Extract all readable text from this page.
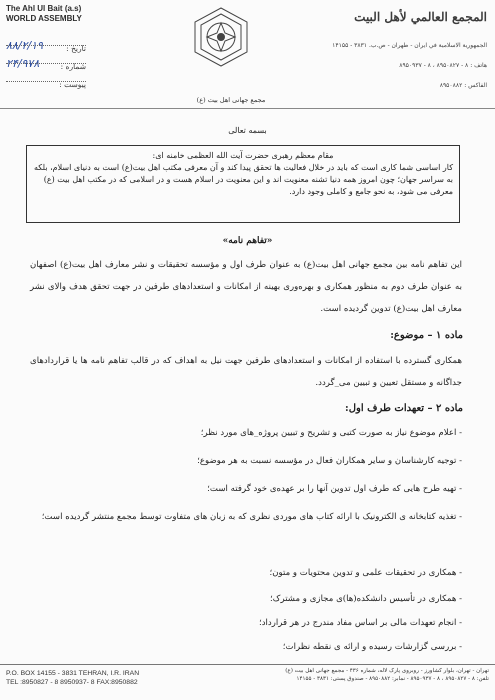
The Ahl Ul Bait (a.s)
WORLD ASSEMBLY
تاریخ :
۸۸/۲/۱۹
شماره :
۲۴/۹۷۸
پیوست :
مجمع جهانی اهل بیت (ع)
المجمع العالمي لأهل البيت
الجمهورية الاسلامية في ايران - طهران - ص.ب. ۳۸۳۱ - ۱۴۱۵۵
هاتف : ۸ - ۸۹۵۰۸۲۷ ، ۸ - ۸۹۵۰۹۳۷
الفاكس : ۸۹۵۰۸۸۲
بسمه تعالی
مقام معظم رهبری حضرت آیت الله العظمی خامنه ای:
کار اساسی شما کاری است که باید در خلال فعالیت ها تحقق پیدا کند و آن معرفی مکتب اهل بیت(ع) است به دنیای اسلام، بلکه به سراسر جهان؛ چون امروز همه دنیا تشنه معنویت اند و این معنویت در اسلام هست و در اسلامی که در مکتب اهل بیت (ع) معرفی می شود، به نحو جامع و کاملی وجود دارد.
«تفاهم نامه»
این تفاهم نامه بین مجمع جهانی اهل بیت(ع) به عنوان طرف اول و مؤسسه تحقیقات و نشر معارف اهل بیت(ع) اصفهان به عنوان طرف دوم به منظور همکاری و بهره‌وری بهینه از امکانات و استعدادهای طرفین در جهت تحقق هدف والای نشر معارف اهل بیت(ع) تدوین گردیده است.
ماده ۱ – موضوع:
همکاری گسترده با استفاده از امکانات و استعدادهای طرفین جهت نیل به اهداف که در قالب تفاهم نامه ها یا قراردادهای جداگانه و مستقل تعیین و تبیین می_گردد.
ماده ۲ – تعهدات طرف اول:
- اعلام موضوع نیاز به صورت کتبی و تشریح و تبیین پروژه_های مورد نظر؛
- توجیه کارشناسان و سایر همکاران فعال در مؤسسه نسبت به هر موضوع؛
- تهیه طرح هایی که طرف اول تدوین آنها را بر عهده‌ی خود گرفته است؛
- تغذیه کتابخانه ی الکترونیک با ارائه کتاب های موردی نظری که به زبان های متفاوت توسط مجمع منتشر گردیده است؛
- همکاری در تحقیقات علمی و تدوین محتویات و متون؛
- همکاری در تأسیس دانشکده(ها)ی مجازی و مشترک؛
- انجام تعهدات مالی بر اساس مفاد مندرج در هر قرارداد؛
- بررسی گزارشات رسیده و ارائه ی نقطه نظرات؛
P.O. BOX 14155 - 3831 TEHRAN, I.R. IRAN
TEL :8950827 - 8 8950937- 8 FAX:8950882
تهران - تهران، بلوار کشاورز - روبروی پارک لاله، شماره ۴۳۶ - مجمع جهانی اهل بیت (ع)
تلفن: ۸ - ۸۹۵۰۸۲۷ ، ۸ - ۸۹۵۰۹۳۷ - نمابر: ۸۹۵۰۸۸۲ - صندوق پستی: ۳۸۳۱ - ۱۴۱۵۵
